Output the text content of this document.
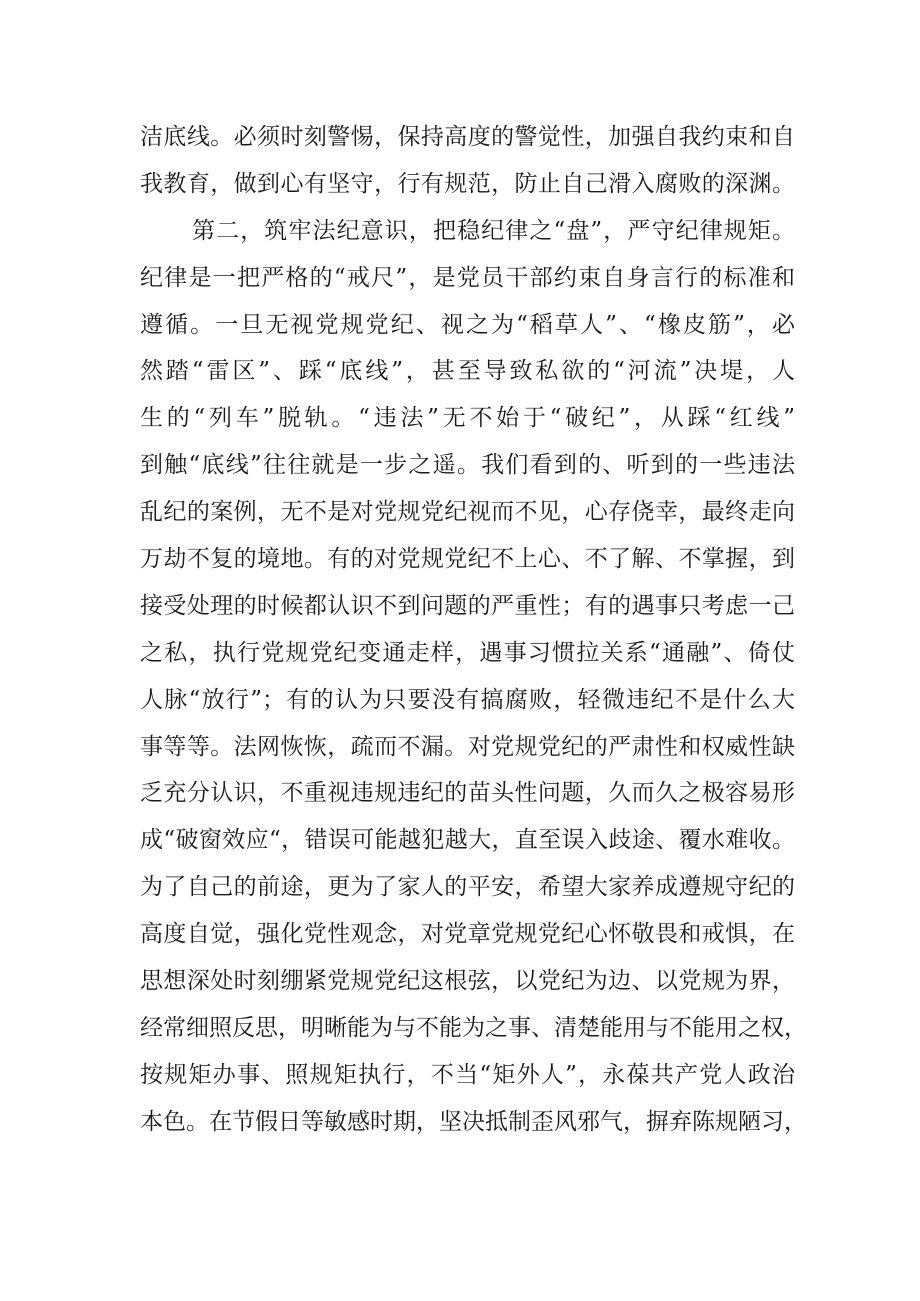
洁底线。必须时刻警惕，保持高度的警觉性，加强自我约束和自
我教育，做到心有坚守，行有规范，防止自己滑入腐败的深渊。
第二，筑牢法纪意识，把稳纪律之“盘”，严守纪律规矩。
纪律是一把严格的“戒尺”，是党员干部约束自身言行的标准和
遵循。一旦无视党规党纪、视之为“稻草人”、“橡皮筋”，必
然踏“雷区”、踩“底线”，甚至导致私欲的“河流”决堤，人
生的“列车”脱轨。“违法”无不始于“破纪”，从踩“红线”
到触“底线”往往就是一步之遥。我们看到的、听到的一些违法
乱纪的案例，无不是对党规党纪视而不见，心存侥幸，最终走向
万劫不复的境地。有的对党规党纪不上心、不了解、不掌握，到
接受处理的时候都认识不到问题的严重性；有的遇事只考虑一己
之私，执行党规党纪变通走样，遇事习惯拉关系“通融”、倚仗
人脉“放行”；有的认为只要没有搞腐败，轻微违纪不是什么大
事等等。法网恢恢，疏而不漏。对党规党纪的严肃性和权威性缺
乏充分认识，不重视违规违纪的苗头性问题，久而久之极容易形
成“破窗效应“，错误可能越犯越大，直至误入歧途、覆水难收。
为了自己的前途，更为了家人的平安，希望大家养成遵规守纪的
高度自觉，强化党性观念，对党章党规党纪心怀敬畏和戒惧，在
思想深处时刻绷紧党规党纪这根弦，以党纪为边、以党规为界，
经常细照反思，明晰能为与不能为之事、清楚能用与不能用之权，
按规矩办事、照规矩执行，不当“矩外人”，永葆共产党人政治
本色。在节假日等敏感时期，坚决抵制歪风邪气，摒弃陈规陋习，
